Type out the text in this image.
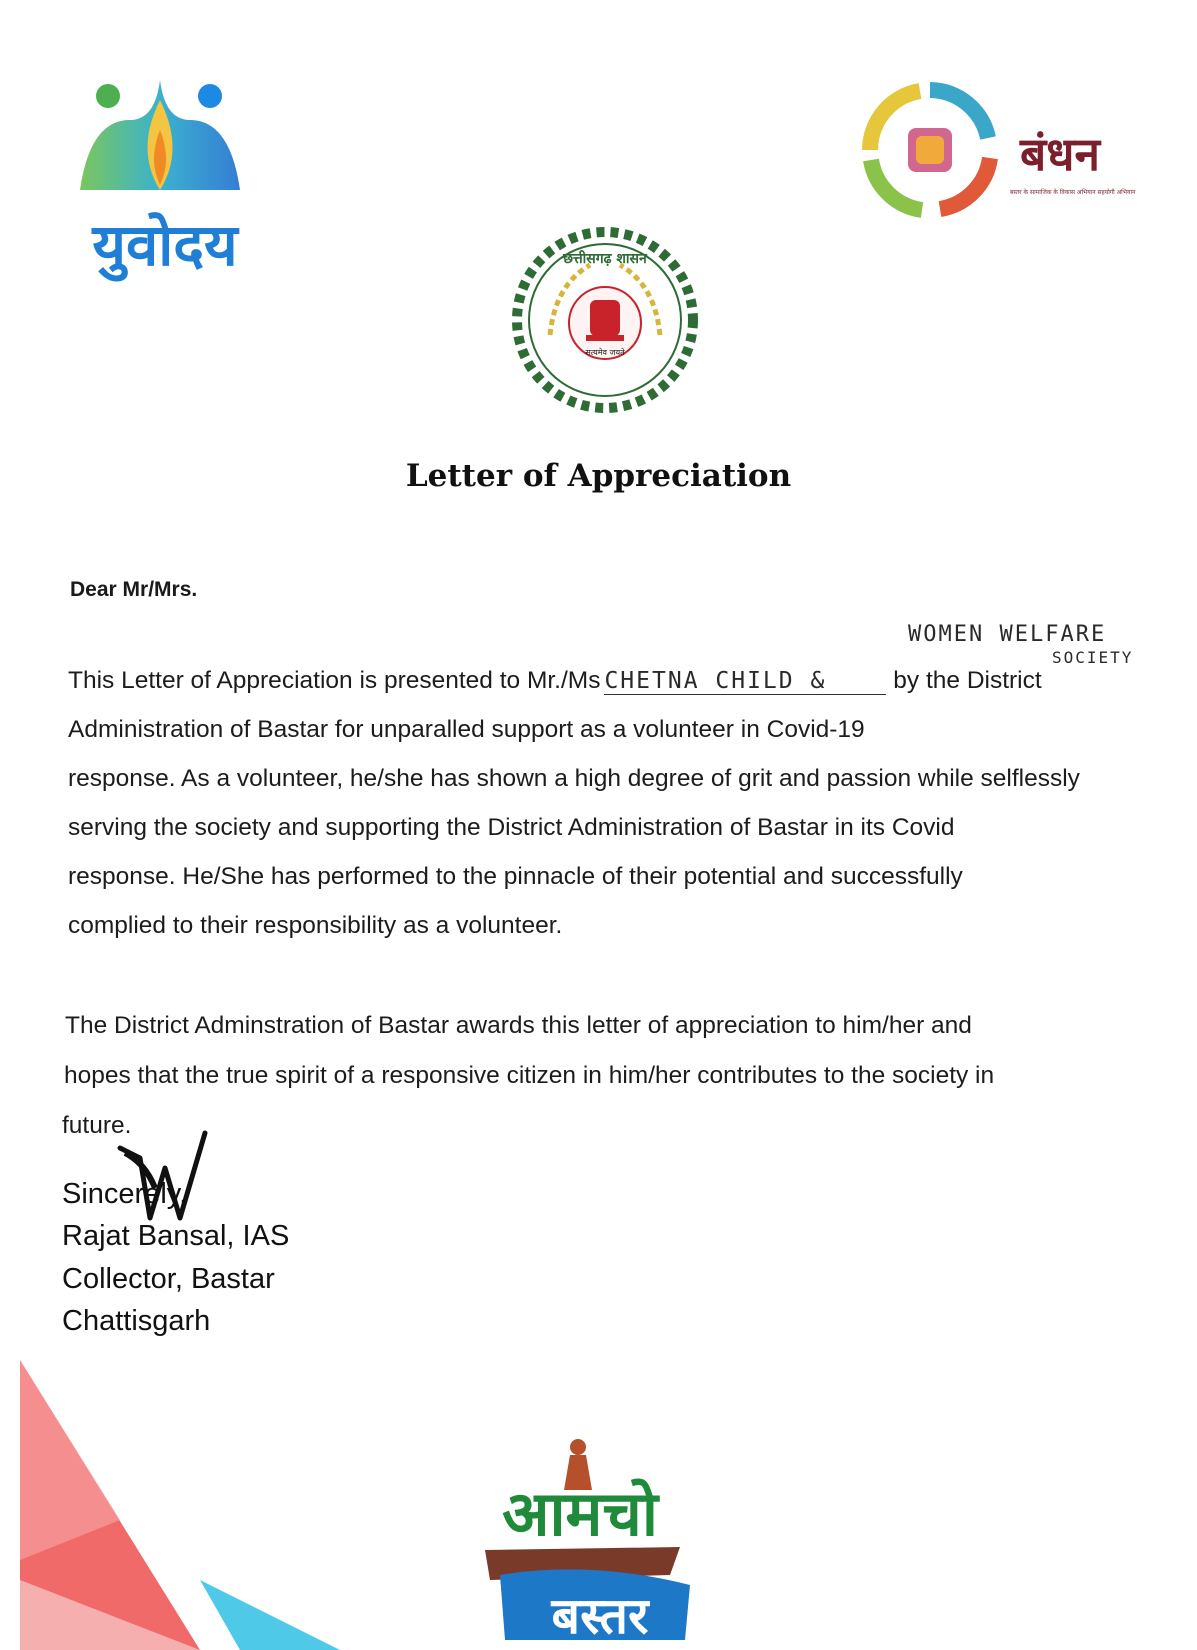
युवोदय
बंधन
बस्तर के सामाजिक के विकास अभियान सहयोगी अभियान
छत्तीसगढ़ शासन
सत्यमेव जयते
Letter of Appreciation
Dear Mr/Mrs.
WOMEN WELFARE
SOCIETY
This Letter of Appreciation is presented to Mr./Ms CHETNA CHILD &	by the District
Administration of Bastar for unparalled support as a volunteer in Covid-19
response. As a volunteer, he/she has shown a high degree of grit and passion while selflessly
serving the society and supporting the District Administration of Bastar in its Covid
response. He/She has performed to the pinnacle of their potential and successfully
complied to their responsibility as a volunteer.
The District Adminstration of Bastar awards this letter of appreciation to him/her and
hopes that the true spirit of a responsive citizen in him/her contributes to the society in
future.
Sincerely,
Rajat Bansal, IAS
Collector, Bastar
Chattisgarh
आमचो
बस्तर
